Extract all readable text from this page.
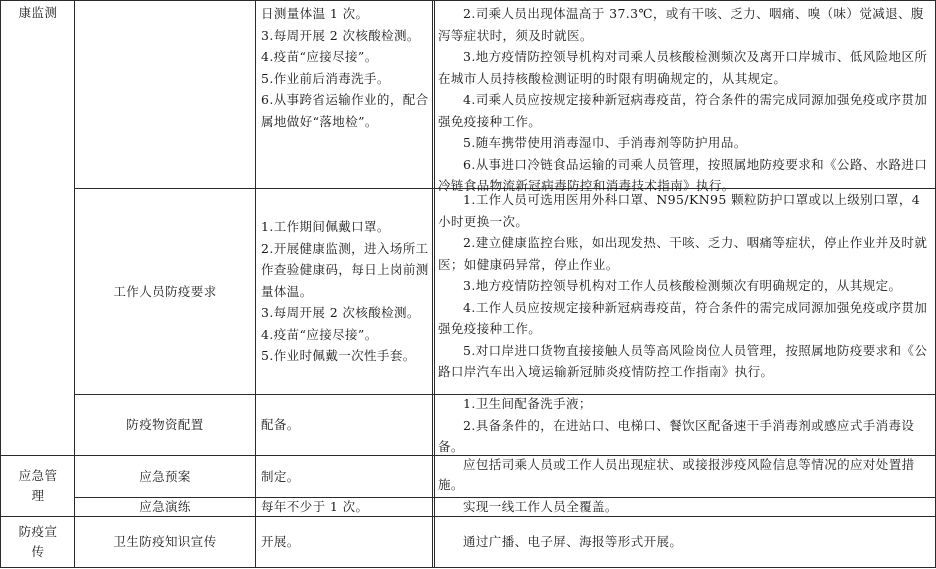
康监测
应急管理
防疫宣传
工作人员防疫要求
防疫物资配置
应急预案
应急演练
卫生防疫知识宣传

日测量体温 1 次。

3.每周开展 2 次核酸检测。

4.疫苗“应接尽接”。

5.作业前后消毒洗手。

6.从事跨省运输作业的，配合属地做好“落地检”。

1.工作期间佩戴口罩。

2.开展健康监测，进入场所工作查验健康码，每日上岗前测量体温。

3.每周开展 2 次核酸检测。

4.疫苗“应接尽接”。

5.作业时佩戴一次性手套。

配备。

制定。

每年不少于 1 次。

开展。

2.司乘人员出现体温高于 37.3℃，或有干咳、乏力、咽痛、嗅（味）觉减退、腹泻等症状时，须及时就医。

3.地方疫情防控领导机构对司乘人员核酸检测频次及离开口岸城市、低风险地区所在城市人员持核酸检测证明的时限有明确规定的，从其规定。

4.司乘人员应按规定接种新冠病毒疫苗，符合条件的需完成同源加强免疫或序贯加强免疫接种工作。

5.随车携带使用消毒湿巾、手消毒剂等防护用品。

6.从事进口冷链食品运输的司乘人员管理，按照属地防疫要求和《公路、水路进口冷链食品物流新冠病毒防控和消毒技术指南》执行。

1.工作人员可选用医用外科口罩、N95/KN95 颗粒防护口罩或以上级别口罩，4 小时更换一次。

2.建立健康监控台账，如出现发热、干咳、乏力、咽痛等症状，停止作业并及时就医；如健康码异常，停止作业。

3.地方疫情防控领导机构对工作人员核酸检测频次有明确规定的，从其规定。

4.工作人员应按规定接种新冠病毒疫苗，符合条件的需完成同源加强免疫或序贯加强免疫接种工作。

5.对口岸进口货物直接接触人员等高风险岗位人员管理，按照属地防疫要求和《公路口岸汽车出入境运输新冠肺炎疫情防控工作指南》执行。

1.卫生间配备洗手液；

2.具备条件的，在进站口、电梯口、餐饮区配备速干手消毒剂或感应式手消毒设备。

应包括司乘人员或工作人员出现症状、或接报涉疫风险信息等情况的应对处置措施。

实现一线工作人员全覆盖。

通过广播、电子屏、海报等形式开展。
